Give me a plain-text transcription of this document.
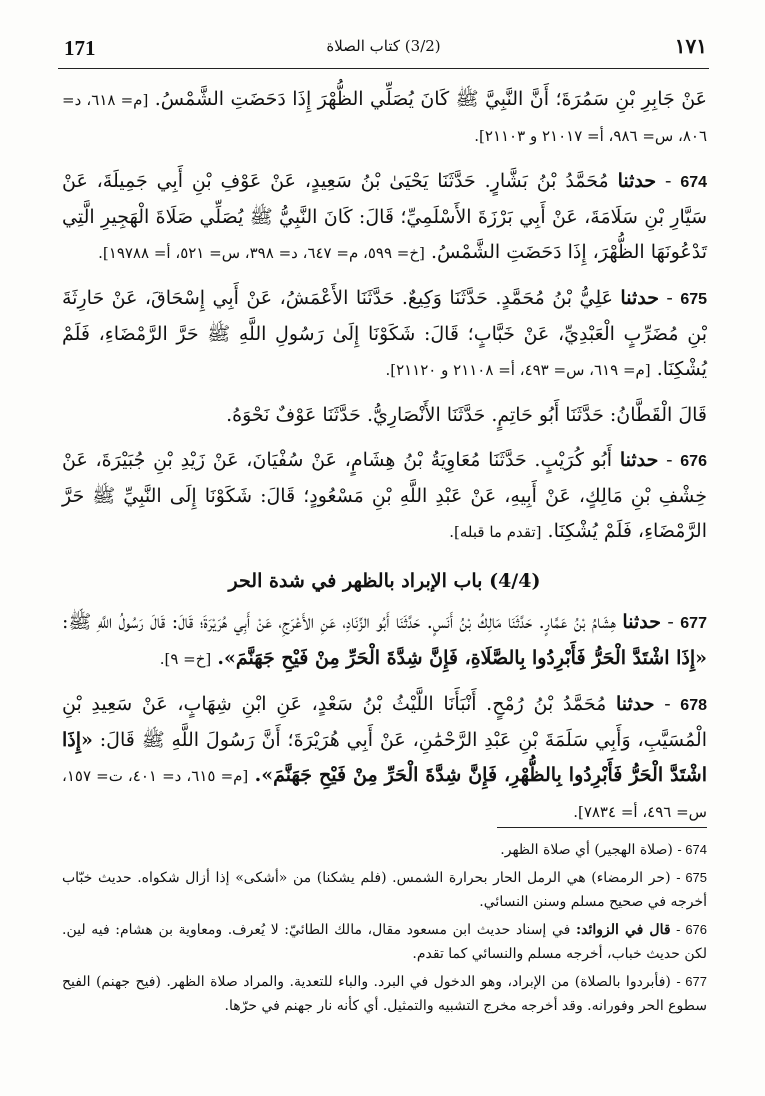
171	(3/2) كتاب الصلاة	١٧١

عَنْ جَابِرِ بْنِ سَمُرَةَ؛ أَنَّ النَّبِيَّ ﷺ كَانَ يُصَلِّي الظُّهْرَ إِذَا دَحَضَتِ الشَّمْسُ. [م= ٦١٨، د= ٨٠٦، س= ٩٨٦، أ= ٢١٠١٧ و ٢١١٠٣].

674 - حدثنا مُحَمَّدُ بْنُ بَشَّارٍ. حَدَّثَنَا يَحْيَىٰ بْنُ سَعِيدٍ، عَنْ عَوْفِ بْنِ أَبِي جَمِيلَةَ، عَنْ سَيَّارِ بْنِ سَلَامَةَ، عَنْ أَبِي بَرْزَةَ الأَسْلَمِيِّ؛ قَالَ: كَانَ النَّبِيُّ ﷺ يُصَلِّي صَلَاةَ الْهَجِيرِ الَّتِي تَدْعُونَهَا الظُّهْرَ، إِذَا دَحَضَتِ الشَّمْسُ. [خ= ٥٩٩، م= ٦٤٧، د= ٣٩٨، س= ٥٢١، أ= ١٩٧٨٨].

675 - حدثنا عَلِيُّ بْنُ مُحَمَّدٍ. حَدَّثَنَا وَكِيعٌ. حَدَّثَنَا الأَعْمَشُ، عَنْ أَبِي إِسْحَاقَ، عَنْ حَارِثَةَ بْنِ مُضَرِّبٍ الْعَبْدِيِّ، عَنْ خَبَّابٍ؛ قَالَ: شَكَوْنَا إِلَىٰ رَسُولِ اللَّهِ ﷺ حَرَّ الرَّمْضَاءِ، فَلَمْ يُشْكِنَا. [م= ٦١٩، س= ٤٩٣، أ= ٢١١٠٨ و ٢١١٢٠].

قَالَ الْقَطَّانُ: حَدَّثَنَا أَبُو حَاتِمٍ. حَدَّثَنَا الأَنْصَارِيُّ. حَدَّثَنَا عَوْفٌ نَحْوَهُ.

676 - حدثنا أَبُو كُرَيْبٍ. حَدَّثَنَا مُعَاوِيَةُ بْنُ هِشَامٍ، عَنْ سُفْيَانَ، عَنْ زَيْدِ بْنِ جُبَيْرَةَ، عَنْ خِشْفِ بْنِ مَالِكٍ، عَنْ أَبِيهِ، عَنْ عَبْدِ اللَّهِ بْنِ مَسْعُودٍ؛ قَالَ: شَكَوْنَا إِلَى النَّبِيِّ ﷺ حَرَّ الرَّمْضَاءِ، فَلَمْ يُشْكِنَا. [تقدم ما قبله].

(4/4) باب الإبراد بالظهر في شدة الحر

677 - حدثنا هِشَامُ بْنُ عَمَّارٍ. حَدَّثَنَا مَالِكُ بْنُ أَنَسٍ. حَدَّثَنَا أَبُو الزِّنَادِ، عَنِ الأَعْرَجِ، عَنْ أَبِي هُرَيْرَةَ؛ قَالَ: قَالَ رَسُولُ اللَّهِ ﷺ: «إِذَا اشْتَدَّ الْحَرُّ فَأَبْرِدُوا بِالصَّلَاةِ، فَإِنَّ شِدَّةَ الْحَرِّ مِنْ فَيْحِ جَهَنَّمَ». [خ= ٩].

678 - حدثنا مُحَمَّدُ بْنُ رُمْحٍ. أَنْبَأَنَا اللَّيْثُ بْنُ سَعْدٍ، عَنِ ابْنِ شِهَابٍ، عَنْ سَعِيدِ بْنِ الْمُسَيَّبِ، وَأَبِي سَلَمَةَ بْنِ عَبْدِ الرَّحْمَٰنِ، عَنْ أَبِي هُرَيْرَةَ؛ أَنَّ رَسُولَ اللَّهِ ﷺ قَالَ: «إِذَا اشْتَدَّ الْحَرُّ فَأَبْرِدُوا بِالظُّهْرِ، فَإِنَّ شِدَّةَ الْحَرِّ مِنْ فَيْحِ جَهَنَّمَ». [م= ٦١٥، د= ٤٠١، ت= ١٥٧، س= ٤٩٦، أ= ٧٨٣٤].

674 - (صلاة الهجير) أي صلاة الظهر.

675 - (حر الرمضاء) هي الرمل الحار بحرارة الشمس. (فلم يشكنا) من «أشكى» إذا أزال شكواه. حديث خبّاب أخرجه في صحيح مسلم وسنن النسائي.

676 - قال في الزوائد: في إسناد حديث ابن مسعود مقال، مالك الطائيّ: لا يُعرف. ومعاوية بن هشام: فيه لين. لكن حديث خباب، أخرجه مسلم والنسائي كما تقدم.

677 - (فأبردوا بالصلاة) من الإبراد، وهو الدخول في البرد. والباء للتعدية. والمراد صلاة الظهر. (فيح جهنم) الفيح سطوع الحر وفورانه. وقد أخرجه مخرج التشبيه والتمثيل. أي كأنه نار جهنم في حرّها.
